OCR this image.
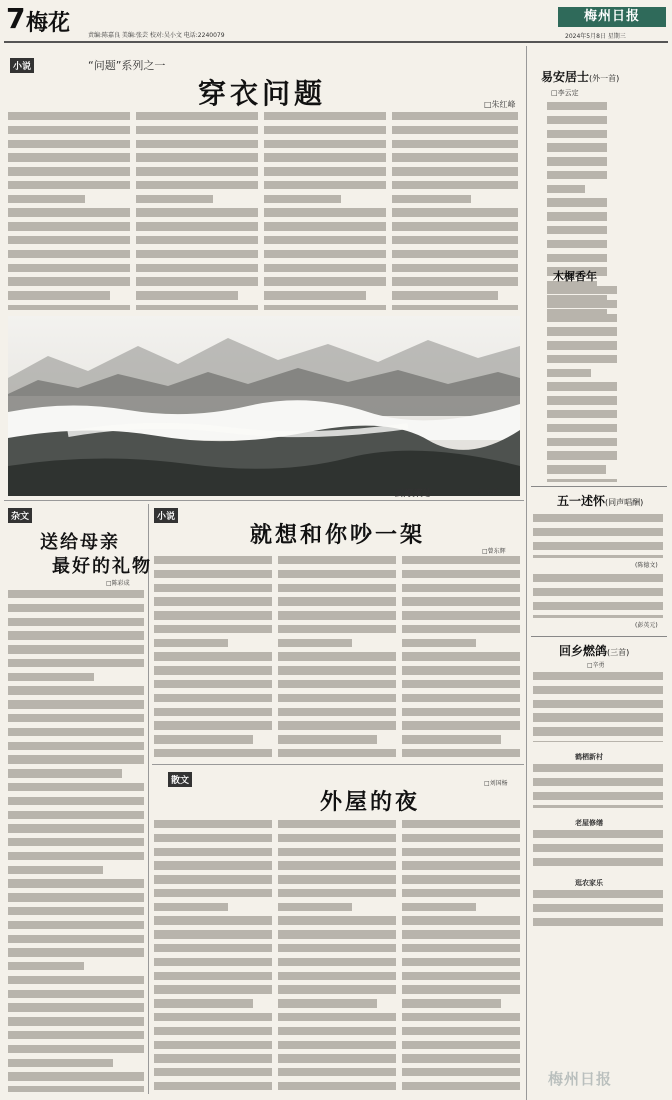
7 梅花	责编:陈嘉良 美编:张芸 校对:吴小文 电话:2240079
梅州日报
2024年5月8日 星期三
小说	“问题”系列之一
穿衣问题	□朱红峰
云海深处	何力/摄
易安居士(外一首)
□李云定
木樨香年
五一述怀(同声唱酬)
(陈德文)
(彭英元)
回乡燃鸽(三首)
□辛勇
鹤栖新村
老屋修缮
逛农家乐
杂文
送给母亲
最好的礼物
□陈彩成
小说
就想和你吵一架
□曾东辉
散文
外屋的夜
□刘国杨
梅州日报
